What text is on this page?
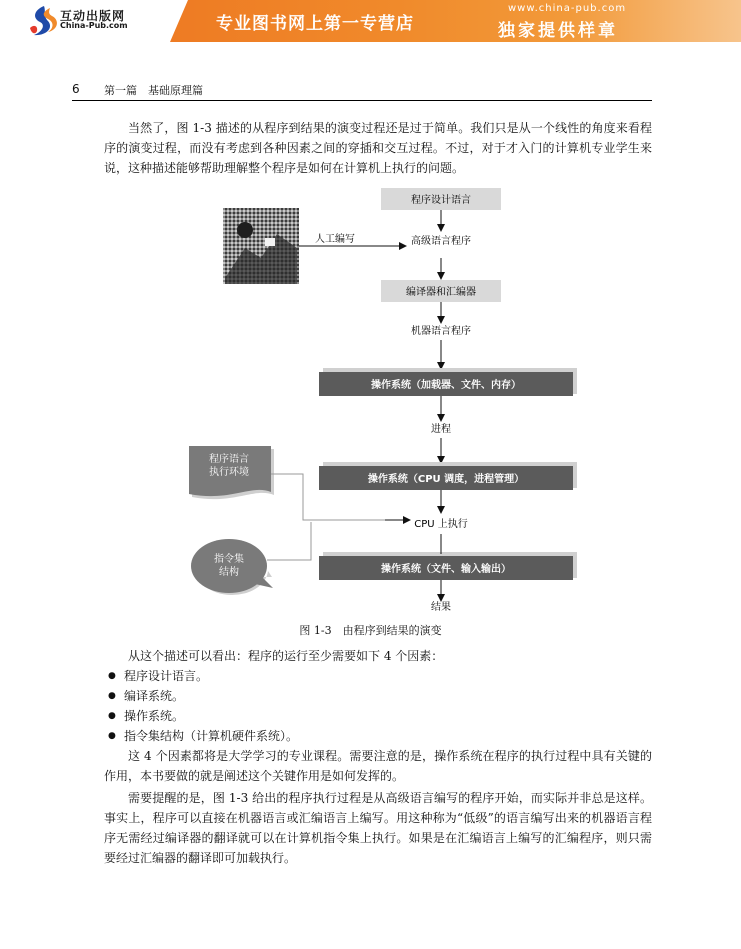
互动出版网
China-Pub.com	专业图书网上第一专营店
www.china-pub.com
独家提供样章
6 第一篇　基础原理篇

当然了，图 1-3 描述的从程序到结果的演变过程还是过于简单。我们只是从一个线性的角度来看程序的演变过程，而没有考虑到各种因素之间的穿插和交互过程。不过，对于才入门的计算机专业学生来说，这种描述能够帮助理解整个程序是如何在计算机上执行的问题。

程序设计语言
人工编写	高级语言程序
编译器和汇编器
机器语言程序
操作系统（加载器、文件、内存）
进程
操作系统（CPU 调度，进程管理）
CPU 上执行
程序语言
执行环境
指令集
结构	操作系统（文件、输入输出）
结果
图 1-3　由程序到结果的演变

从这个描述可以看出：程序的运行至少需要如下 4 个因素：

● 程序设计语言。
● 编译系统。
● 操作系统。
● 指令集结构（计算机硬件系统）。

这 4 个因素都将是大学学习的专业课程。需要注意的是，操作系统在程序的执行过程中具有关键的作用，本书要做的就是阐述这个关键作用是如何发挥的。

需要提醒的是，图 1-3 给出的程序执行过程是从高级语言编写的程序开始，而实际并非总是这样。事实上，程序可以直接在机器语言或汇编语言上编写。用这种称为“低级”的语言编写出来的机器语言程序无需经过编译器的翻译就可以在计算机指令集上执行。如果是在汇编语言上编写的汇编程序，则只需要经过汇编器的翻译即可加载执行。
